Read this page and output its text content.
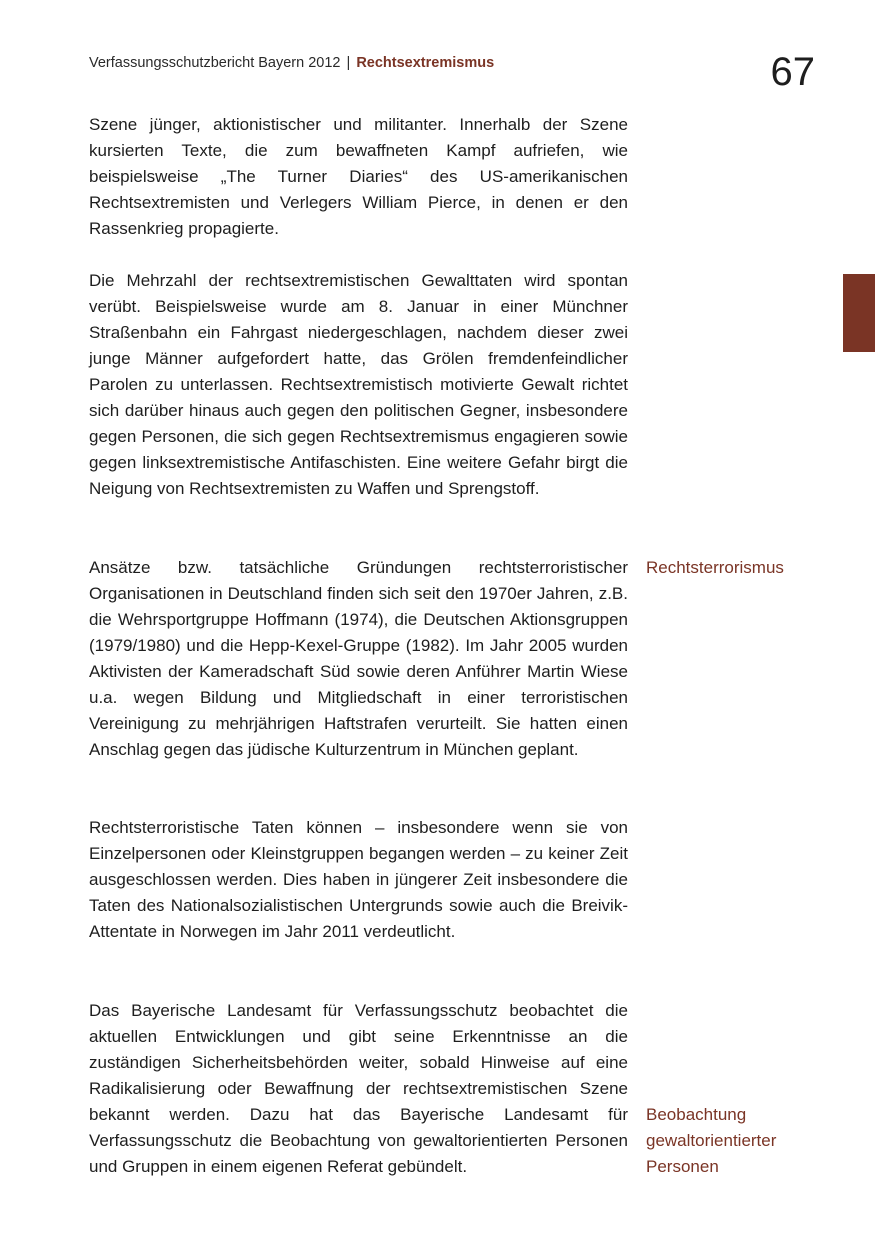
Verfassungsschutzbericht Bayern 2012 | Rechtsextremismus	67

Szene jünger, aktionistischer und militanter. Innerhalb der Szene kursierten Texte, die zum bewaffneten Kampf aufriefen, wie beispielsweise „The Turner Diaries“ des US-amerikanischen Rechtsextremisten und Verlegers William Pierce, in denen er den Rassenkrieg propagierte.

Die Mehrzahl der rechtsextremistischen Gewalttaten wird spontan verübt. Beispielsweise wurde am 8. Januar in einer Münchner Straßenbahn ein Fahrgast niedergeschlagen, nachdem dieser zwei junge Männer aufgefordert hatte, das Grölen fremdenfeindlicher Parolen zu unterlassen. Rechtsextremistisch motivierte Gewalt richtet sich darüber hinaus auch gegen den politischen Gegner, insbesondere gegen Personen, die sich gegen Rechtsextremismus engagieren sowie gegen linksextremistische Antifaschisten. Eine weitere Gefahr birgt die Neigung von Rechtsextremisten zu Waffen und Sprengstoff.

Ansätze bzw. tatsächliche Gründungen rechtsterroristischer Organisationen in Deutschland finden sich seit den 1970er Jahren, z.B. die Wehrsportgruppe Hoffmann (1974), die Deutschen Aktionsgruppen (1979/1980) und die Hepp-Kexel-Gruppe (1982). Im Jahr 2005 wurden Aktivisten der Kameradschaft Süd sowie deren Anführer Martin Wiese u.a. wegen Bildung und Mitgliedschaft in einer terroristischen Vereinigung zu mehrjährigen Haftstrafen verurteilt. Sie hatten einen Anschlag gegen das jüdische Kulturzentrum in München geplant.

Rechtsterroristische Taten können – insbesondere wenn sie von Einzelpersonen oder Kleinstgruppen begangen werden – zu keiner Zeit ausgeschlossen werden. Dies haben in jüngerer Zeit insbesondere die Taten des Nationalsozialistischen Untergrunds sowie auch die Breivik-Attentate in Norwegen im Jahr 2011 verdeutlicht.

Das Bayerische Landesamt für Verfassungsschutz beobachtet die aktuellen Entwicklungen und gibt seine Erkenntnisse an die zuständigen Sicherheitsbehörden weiter, sobald Hinweise auf eine Radikalisierung oder Bewaffnung der rechtsextremistischen Szene bekannt werden. Dazu hat das Bayerische Landesamt für Verfassungsschutz die Beobachtung von gewaltorientierten Personen und Gruppen in einem eigenen Referat gebündelt.

Rechtsterrorismus
Beobachtung gewaltorientierter Personen
